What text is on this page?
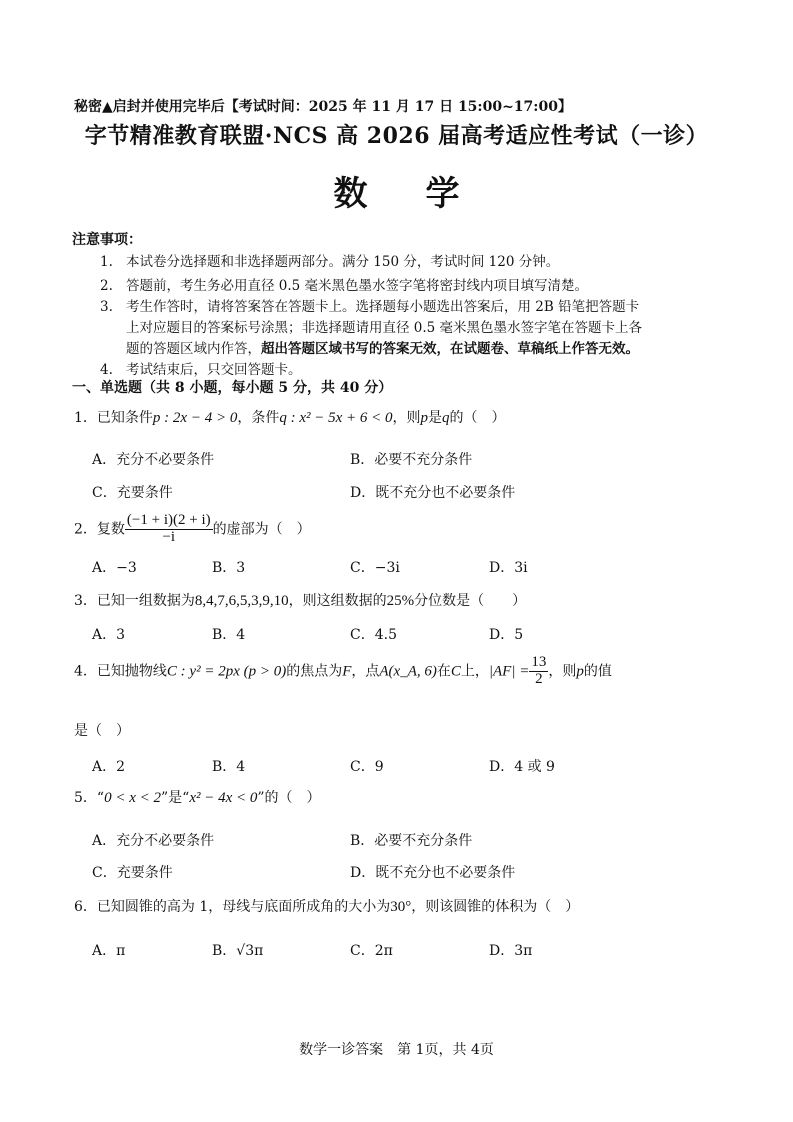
秘密▲启封并使用完毕后【考试时间：2025 年 11 月 17 日 15:00~17:00】
字节精准教育联盟·NCS 高 2026 届高考适应性考试（一诊）
数学
注意事项：
1. 本试卷分选择题和非选择题两部分。满分 150 分，考试时间 120 分钟。
2. 答题前，考生务必用直径 0.5 毫米黑色墨水签字笔将密封线内项目填写清楚。
3. 考生作答时，请将答案答在答题卡上。选择题每小题选出答案后，用 2B 铅笔把答题卡
上对应题目的答案标号涂黑；非选择题请用直径 0.5 毫米黑色墨水签字笔在答题卡上各
题的答题区域内作答，超出答题区域书写的答案无效，在试题卷、草稿纸上作答无效。
4. 考试结束后，只交回答题卡。
一、单选题（共 8 小题，每小题 5 分，共 40 分）
1．已知条件p : 2x − 4 > 0，条件q : x² − 5x + 6 < 0，则p是q的（　）
A．充分不必要条件	B．必要不充分条件
C．充要条件	D．既不充分也不必要条件
2．复数 $\frac{(-1 + i)(2 + i)}{-i}$ 的虚部为（　）
A．−3	B．3	C．−3i	D．3i
3．已知一组数据为8,4,7,6,5,3,9,10，则这组数据的25%分位数是（　　）
A．3	B．4	C．4.5	D．5
4．已知抛物线C : y² = 2px (p > 0)的焦点为F，点A(x_A, 6)在C上，$|AF| = \frac{13}{2}$ ，则p的值
是（　）
A．2	B．4	C．9	D．4 或 9
5．“0 < x < 2”是“x² − 4x < 0”的（　）
A．充分不必要条件	B．必要不充分条件
C．充要条件	D．既不充分也不必要条件
6．已知圆锥的高为 1，母线与底面所成角的大小为30°，则该圆锥的体积为（　）
A．π	B．√3π	C．2π	D．3π
数学一诊答案　第 1页，共 4页
